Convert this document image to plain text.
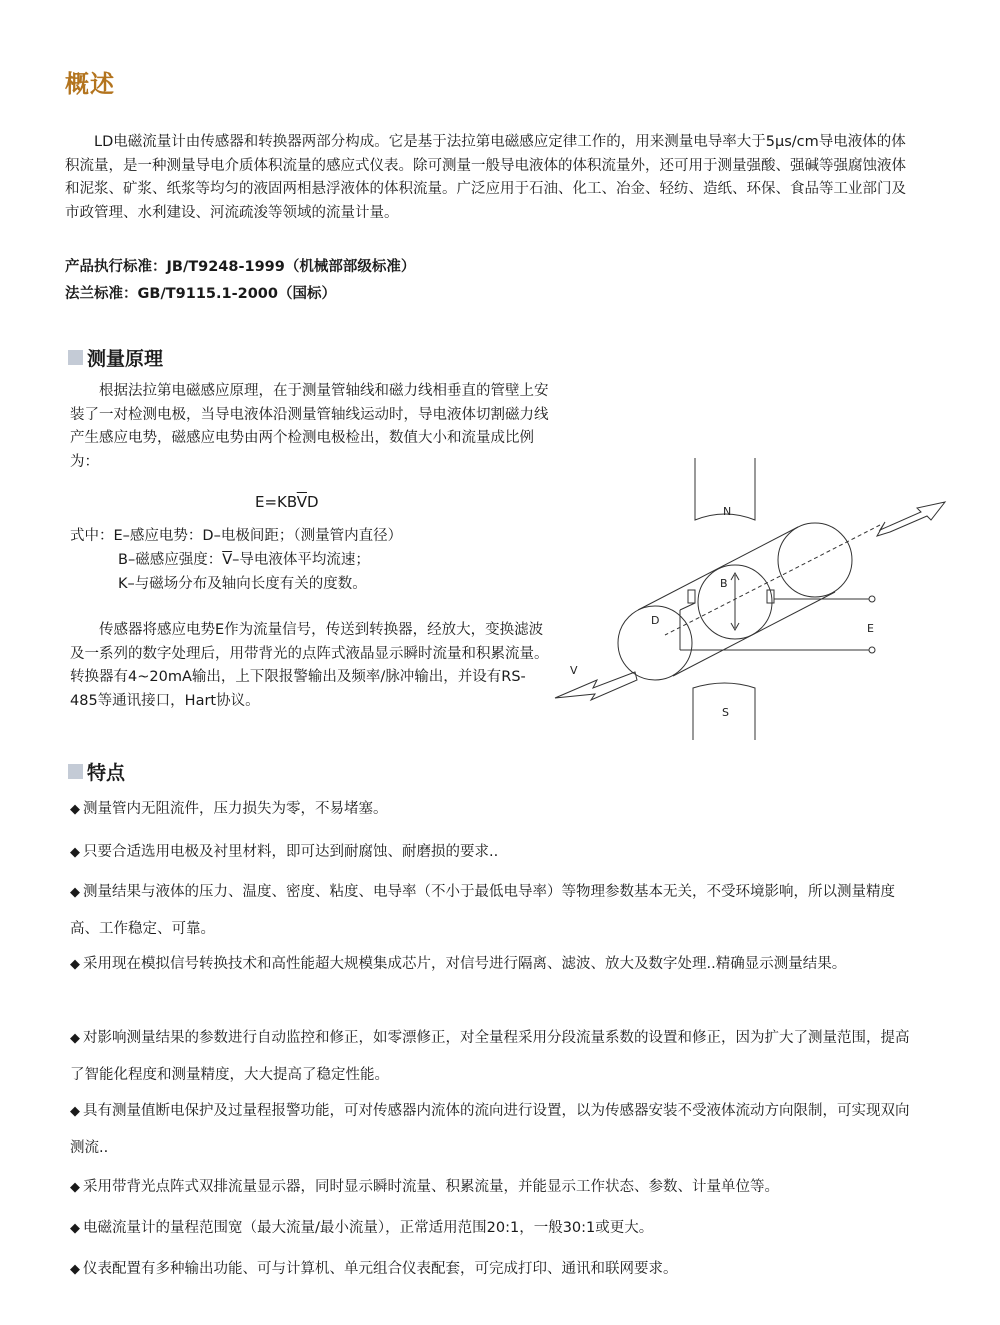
概述

LD电磁流量计由传感器和转换器两部分构成。它是基于法拉第电磁感应定律工作的，用来测量电导率大于5μs/cm导电液体的体积流量，是一种测量导电介质体积流量的感应式仪表。除可测量一般导电液体的体积流量外，还可用于测量强酸、强碱等强腐蚀液体和泥浆、矿浆、纸浆等均匀的液固两相悬浮液体的体积流量。广泛应用于石油、化工、冶金、轻纺、造纸、环保、食品等工业部门及市政管理、水利建设、河流疏浚等领域的流量计量。

产品执行标准：JB/T9248-1999（机械部部级标准）

法兰标准：GB/T9115.1-2000（国标）

测量原理

根据法拉第电磁感应原理，在于测量管轴线和磁力线相垂直的管壁上安装了一对检测电极，当导电液体沿测量管轴线运动时，导电液体切割磁力线产生感应电势，磁感应电势由两个检测电极检出，数值大小和流量成比例为：

$E=KB\overline{V}D$

式中：E–感应电势：D–电极间距；（测量管内直径）

B–磁感应强度：$\overline{V}-$导电液体平均流速；

K–与磁场分布及轴向长度有关的度数。

传感器将感应电势E作为流量信号，传送到转换器，经放大，变换滤波及一系列的数字处理后，用带背光的点阵式液晶显示瞬时流量和积累流量。转换器有4~20mA输出，上下限报警输出及频率/脉冲输出，并设有RS-485等通讯接口，Hart协议。

N
S
B
E
D
V
特点

◆ 测量管内无阻流件，压力损失为零，不易堵塞。

◆ 只要合适选用电极及衬里材料，即可达到耐腐蚀、耐磨损的要求..

◆ 测量结果与液体的压力、温度、密度、粘度、电导率（不小于最低电导率）等物理参数基本无关，不受环境影响，所以测量精度高、工作稳定、可靠。

◆ 采用现在模拟信号转换技术和高性能超大规模集成芯片，对信号进行隔离、滤波、放大及数字处理..精确显示测量结果。

◆ 对影响测量结果的参数进行自动监控和修正，如零漂修正，对全量程采用分段流量系数的设置和修正，因为扩大了测量范围，提高了智能化程度和测量精度，大大提高了稳定性能。

◆ 具有测量值断电保护及过量程报警功能，可对传感器内流体的流向进行设置，以为传感器安装不受液体流动方向限制，可实现双向测流..

◆ 采用带背光点阵式双排流量显示器，同时显示瞬时流量、积累流量，并能显示工作状态、参数、计量单位等。

◆ 电磁流量计的量程范围宽（最大流量/最小流量），正常适用范围20:1，一般30:1或更大。

◆ 仪表配置有多种输出功能、可与计算机、单元组合仪表配套，可完成打印、通讯和联网要求。
